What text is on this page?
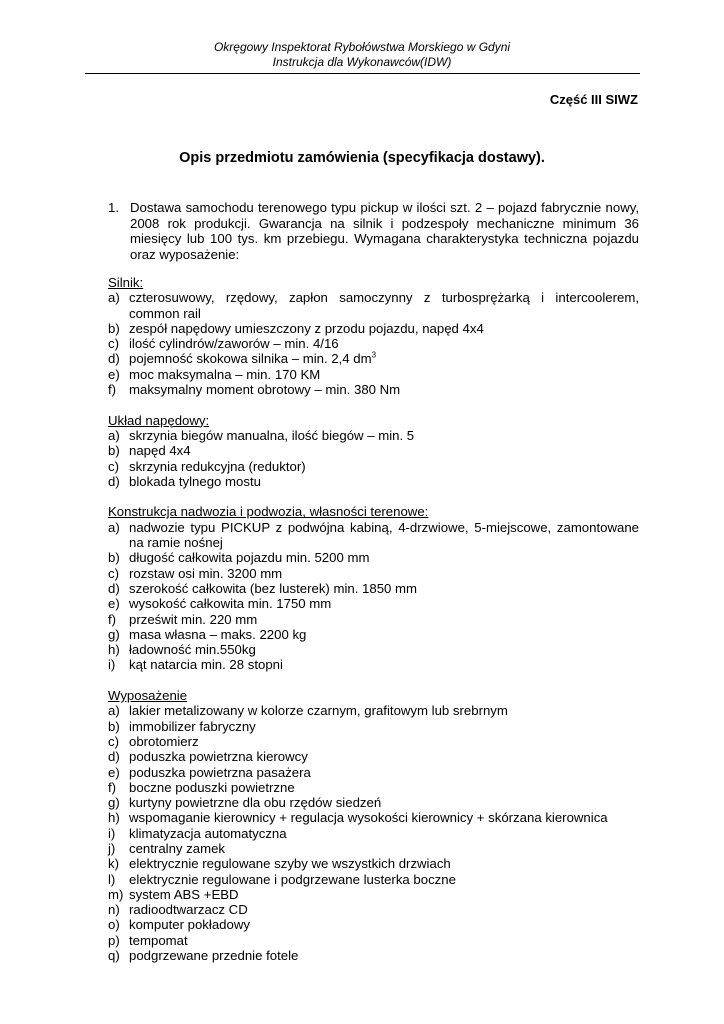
Okręgowy Inspektorat Rybołówstwa Morskiego w Gdyni
Instrukcja dla Wykonawców(IDW)
Część III SIWZ
Opis przedmiotu zamówienia (specyfikacja dostawy).
1. Dostawa samochodu terenowego typu pickup w ilości szt. 2 – pojazd fabrycznie nowy, 2008 rok produkcji. Gwarancja na silnik i podzespoły mechaniczne minimum 36 miesięcy lub 100 tys. km przebiegu. Wymagana charakterystyka techniczna pojazdu oraz wyposażenie:
Silnik:
a) czterosuwowy, rzędowy, zapłon samoczynny z turbosprężarką i intercoolerem, common rail
b) zespół napędowy umieszczony z przodu pojazdu, napęd 4x4
c) ilość cylindrów/zaworów – min. 4/16
d) pojemność skokowa silnika – min. 2,4 $dm^3$
e) moc maksymalna – min. 170 KM
f) maksymalny moment obrotowy – min. 380 Nm
Układ napędowy:
a) skrzynia biegów manualna, ilość biegów – min. 5
b) napęd 4x4
c) skrzynia redukcyjna (reduktor)
d) blokada tylnego mostu
Konstrukcja nadwozia i podwozia, własności terenowe:
a) nadwozie typu PICKUP z podwójna kabiną, 4-drzwiowe, 5-miejscowe, zamontowane na ramie nośnej
b) długość całkowita pojazdu min. 5200 mm
c) rozstaw osi min. 3200 mm
d) szerokość całkowita (bez lusterek) min. 1850 mm
e) wysokość całkowita min. 1750 mm
f) prześwit min. 220 mm
g) masa własna – maks. 2200 kg
h) ładowność min.550kg
i) kąt natarcia min. 28 stopni
Wyposażenie
a) lakier metalizowany w kolorze czarnym, grafitowym lub srebrnym
b) immobilizer fabryczny
c) obrotomierz
d) poduszka powietrzna kierowcy
e) poduszka powietrzna pasażera
f) boczne poduszki powietrzne
g) kurtyny powietrzne dla obu rzędów siedzeń
h) wspomaganie kierownicy + regulacja wysokości kierownicy + skórzana kierownica
i) klimatyzacja automatyczna
j) centralny zamek
k) elektrycznie regulowane szyby we wszystkich drzwiach
l) elektrycznie regulowane i podgrzewane lusterka boczne
m) system ABS +EBD
n) radioodtwarzacz CD
o) komputer pokładowy
p) tempomat
q) podgrzewane przednie fotele
